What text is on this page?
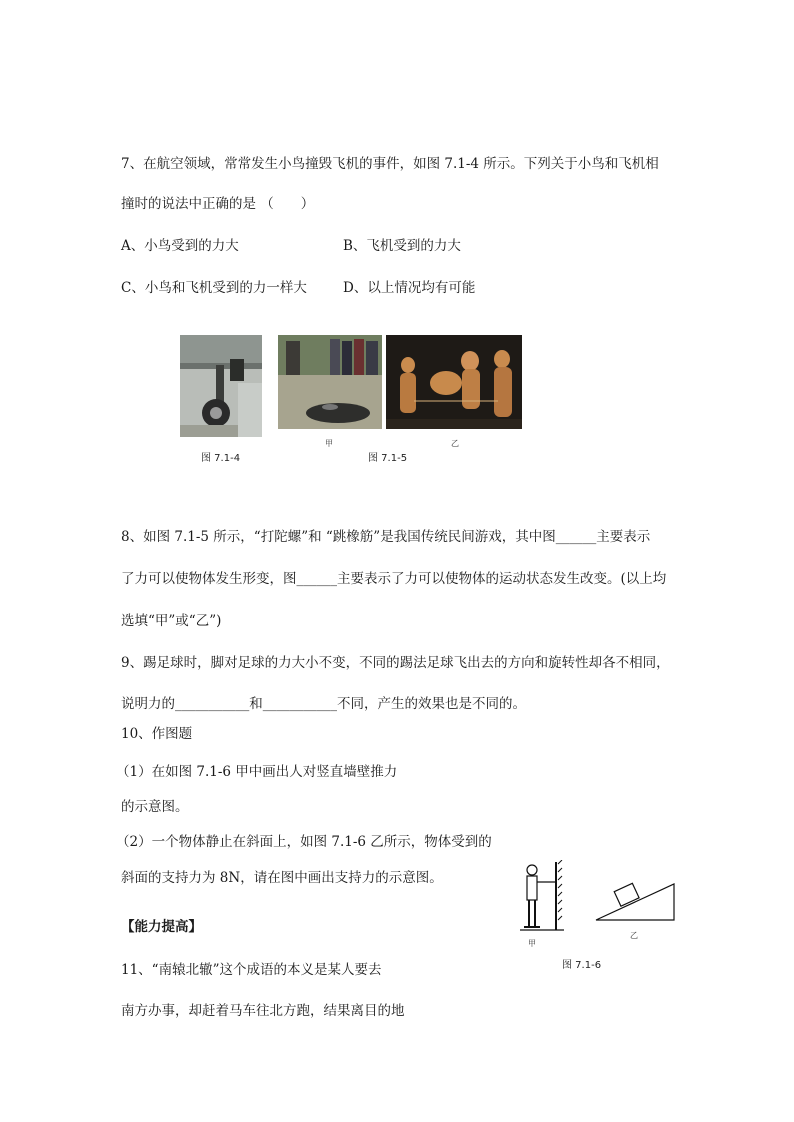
7、在航空领域，常常发生小鸟撞毁飞机的事件，如图 7.1-4 所示。下列关于小鸟和飞机相
撞时的说法中正确的是 （　　）
A、小鸟受到的力大	B、飞机受到的力大
C、小鸟和飞机受到的力一样大	D、以上情况均有可能
图 7.1-4
甲	乙
图 7.1-5
8、如图 7.1-5 所示，“打陀螺”和 “跳橡筋”是我国传统民间游戏，其中图______主要表示
了力可以使物体发生形变，图______主要表示了力可以使物体的运动状态发生改变。(以上均
选填“甲”或“乙”)
9、踢足球时，脚对足球的力大小不变，不同的踢法足球飞出去的方向和旋转性却各不相同，
说明力的___________和___________不同，产生的效果也是不同的。
10、作图题
（1）在如图 7.1-6 甲中画出人对竖直墙壁推力
的示意图。
（2）一个物体静止在斜面上，如图 7.1-6 乙所示，物体受到的
斜面的支持力为 8N，请在图中画出支持力的示意图。
甲
乙
图 7.1-6
【能力提高】
11、“南辕北辙”这个成语的本义是某人要去
南方办事，却赶着马车往北方跑，结果离目的地
